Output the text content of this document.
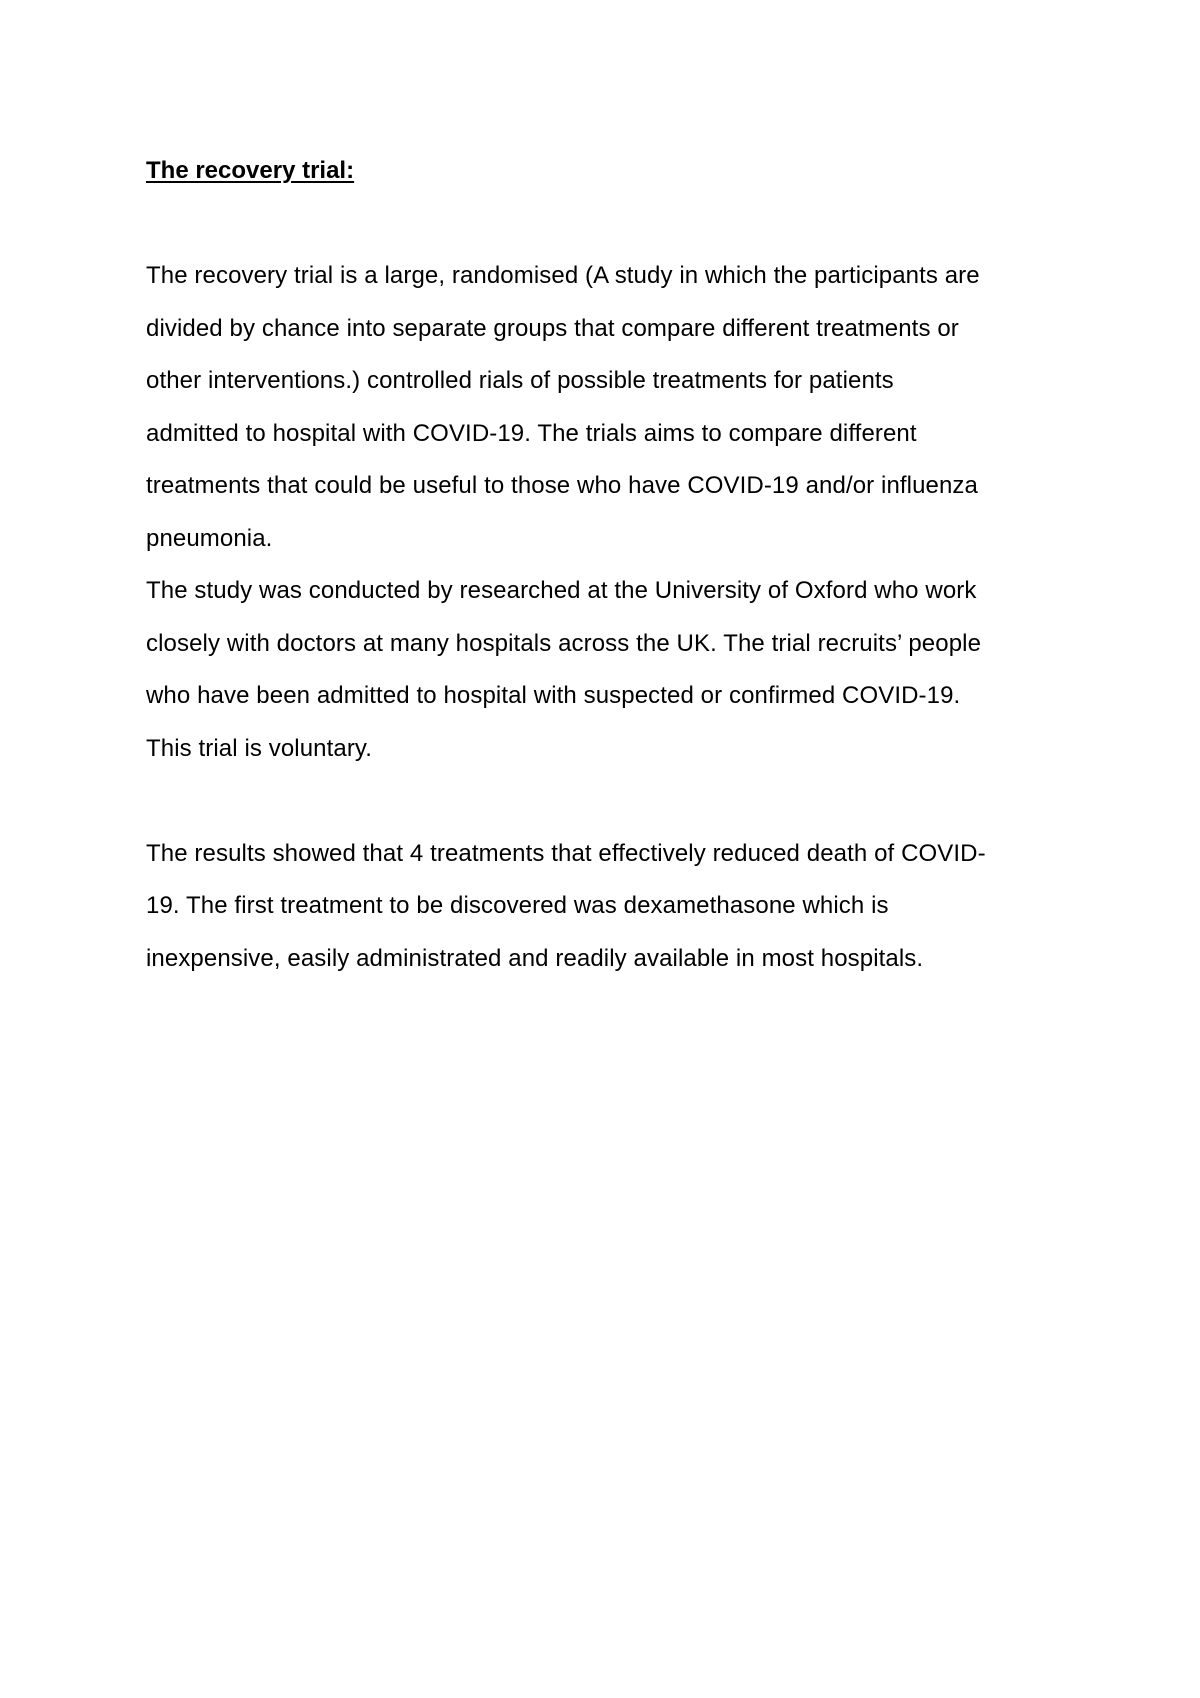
The recovery trial:

The recovery trial is a large, randomised (A study in which the participants are

divided by chance into separate groups that compare different treatments or

other interventions.) controlled rials of possible treatments for patients

admitted to hospital with COVID-19. The trials aims to compare different

treatments that could be useful to those who have COVID-19 and/or influenza

pneumonia.

The study was conducted by researched at the University of Oxford who work

closely with doctors at many hospitals across the UK. The trial recruits’ people

who have been admitted to hospital with suspected or confirmed COVID-19.

This trial is voluntary.

The results showed that 4 treatments that effectively reduced death of COVID-

19. The first treatment to be discovered was dexamethasone which is

inexpensive, easily administrated and readily available in most hospitals.
